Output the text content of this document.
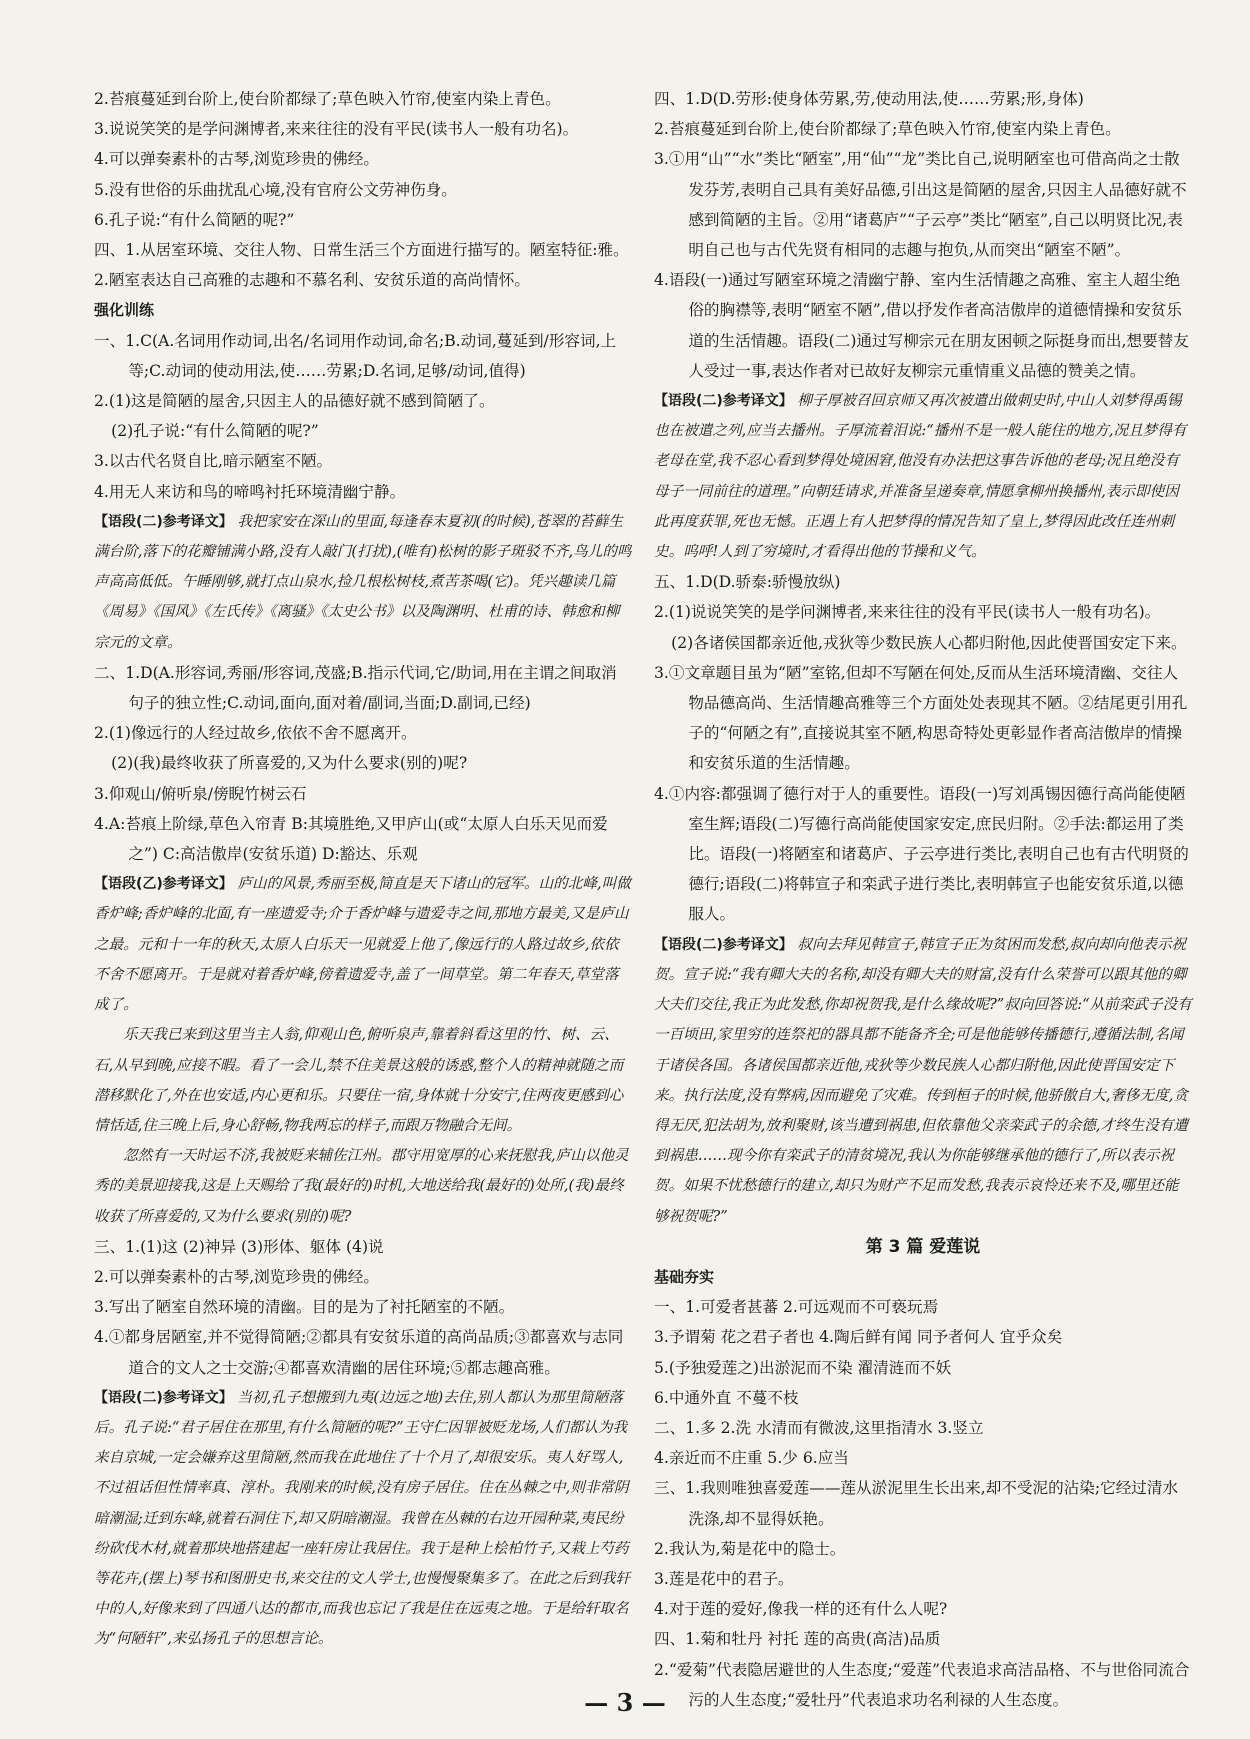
2.苔痕蔓延到台阶上,使台阶都绿了;草色映入竹帘,使室内染上青色。

3.说说笑笑的是学问渊博者,来来往往的没有平民(读书人一般有功名)。

4.可以弹奏素朴的古琴,浏览珍贵的佛经。

5.没有世俗的乐曲扰乱心境,没有官府公文劳神伤身。

6.孔子说:“有什么简陋的呢?”

四、1.从居室环境、交往人物、日常生活三个方面进行描写的。陋室特征:雅。

2.陋室表达自己高雅的志趣和不慕名利、安贫乐道的高尚情怀。

强化训练

一、1.C(A.名词用作动词,出名/名词用作动词,命名;B.动词,蔓延到/形容词,上等;C.动词的使动用法,使……劳累;D.名词,足够/动词,值得)

2.(1)这是简陋的屋舍,只因主人的品德好就不感到简陋了。

(2)孔子说:“有什么简陋的呢?”

3.以古代名贤自比,暗示陋室不陋。

4.用无人来访和鸟的啼鸣衬托环境清幽宁静。

【语段(二)参考译文】 我把家安在深山的里面,每逢春末夏初(的时候),苍翠的苔藓生满台阶,落下的花瓣铺满小路,没有人敲门(打扰),(唯有)松树的影子斑驳不齐,鸟儿的鸣声高高低低。午睡刚够,就打点山泉水,捡几根松树枝,煮苦茶喝(它)。凭兴趣读几篇《周易》《国风》《左氏传》《离骚》《太史公书》以及陶渊明、杜甫的诗、韩愈和柳宗元的文章。

二、1.D(A.形容词,秀丽/形容词,茂盛;B.指示代词,它/助词,用在主谓之间取消句子的独立性;C.动词,面向,面对着/副词,当面;D.副词,已经)

2.(1)像远行的人经过故乡,依依不舍不愿离开。

(2)(我)最终收获了所喜爱的,又为什么要求(别的)呢?

3.仰观山/俯听泉/傍睨竹树云石

4.A:苔痕上阶绿,草色入帘青 B:其境胜绝,又甲庐山(或“太原人白乐天见而爱之”) C:高洁傲岸(安贫乐道) D:豁达、乐观

【语段(乙)参考译文】 庐山的风景,秀丽至极,简直是天下诸山的冠军。山的北峰,叫做香炉峰;香炉峰的北面,有一座遗爱寺;介于香炉峰与遗爱寺之间,那地方最美,又是庐山之最。元和十一年的秋天,太原人白乐天一见就爱上他了,像远行的人路过故乡,依依不舍不愿离开。于是就对着香炉峰,傍着遗爱寺,盖了一间草堂。第二年春天,草堂落成了。

乐天我已来到这里当主人翁,仰观山色,俯听泉声,靠着斜看这里的竹、树、云、石,从早到晚,应接不暇。看了一会儿,禁不住美景这般的诱惑,整个人的精神就随之而潜移默化了,外在也安适,内心更和乐。只要住一宿,身体就十分安宁,住两夜更感到心情恬适,住三晚上后,身心舒畅,物我两忘的样子,而跟万物融合无间。

忽然有一天时运不济,我被贬来辅佐江州。郡守用宽厚的心来抚慰我,庐山以他灵秀的美景迎接我,这是上天赐给了我(最好的)时机,大地送给我(最好的)处所,(我)最终收获了所喜爱的,又为什么要求(别的)呢?

三、1.(1)这 (2)神异 (3)形体、躯体 (4)说

2.可以弹奏素朴的古琴,浏览珍贵的佛经。

3.写出了陋室自然环境的清幽。目的是为了衬托陋室的不陋。

4.①都身居陋室,并不觉得简陋;②都具有安贫乐道的高尚品质;③都喜欢与志同道合的文人之士交游;④都喜欢清幽的居住环境;⑤都志趣高雅。

【语段(二)参考译文】 当初,孔子想搬到九夷(边远之地)去住,别人都认为那里简陋落后。孔子说:“君子居住在那里,有什么简陋的呢?”王守仁因罪被贬龙场,人们都认为我来自京城,一定会嫌弃这里简陋,然而我在此地住了十个月了,却很安乐。夷人好骂人,不过祖话但性情率真、淳朴。我刚来的时候,没有房子居住。住在丛棘之中,则非常阴暗潮湿;迁到东峰,就着石洞住下,却又阴暗潮湿。我曾在丛棘的右边开园种菜,夷民纷纷砍伐木材,就着那块地搭建起一座轩房让我居住。我于是种上桧柏竹子,又栽上芍药等花卉,(摆上)琴书和图册史书,来交往的文人学士,也慢慢聚集多了。在此之后到我轩中的人,好像来到了四通八达的都市,而我也忘记了我是住在远夷之地。于是给轩取名为“何陋轩”,来弘扬孔子的思想言论。

四、1.D(D.劳形:使身体劳累,劳,使动用法,使……劳累;形,身体)

2.苔痕蔓延到台阶上,使台阶都绿了;草色映入竹帘,使室内染上青色。

3.①用“山”“水”类比“陋室”,用“仙”“龙”类比自己,说明陋室也可借高尚之士散发芬芳,表明自己具有美好品德,引出这是简陋的屋舍,只因主人品德好就不感到简陋的主旨。②用“诸葛庐”“子云亭”类比“陋室”,自己以明贤比况,表明自己也与古代先贤有相同的志趣与抱负,从而突出“陋室不陋”。

4.语段(一)通过写陋室环境之清幽宁静、室内生活情趣之高雅、室主人超尘绝俗的胸襟等,表明“陋室不陋”,借以抒发作者高洁傲岸的道德情操和安贫乐道的生活情趣。语段(二)通过写柳宗元在朋友困顿之际挺身而出,想要替友人受过一事,表达作者对已故好友柳宗元重情重义品德的赞美之情。

【语段(二)参考译文】 柳子厚被召回京师又再次被遣出做刺史时,中山人刘梦得禹锡也在被遣之列,应当去播州。子厚流着泪说:“播州不是一般人能住的地方,况且梦得有老母在堂,我不忍心看到梦得处境困窘,他没有办法把这事告诉他的老母;况且绝没有母子一同前往的道理。”向朝廷请求,并准备呈递奏章,情愿拿柳州换播州,表示即使因此再度获罪,死也无憾。正遇上有人把梦得的情况告知了皇上,梦得因此改任连州刺史。呜呼!人到了穷境时,才看得出他的节操和义气。

五、1.D(D.骄泰:骄慢放纵)

2.(1)说说笑笑的是学问渊博者,来来往往的没有平民(读书人一般有功名)。

(2)各诸侯国都亲近他,戎狄等少数民族人心都归附他,因此使晋国安定下来。

3.①文章题目虽为“陋”室铭,但却不写陋在何处,反而从生活环境清幽、交往人物品德高尚、生活情趣高雅等三个方面处处表现其不陋。②结尾更引用孔子的“何陋之有”,直接说其室不陋,构思奇特处更彰显作者高洁傲岸的情操和安贫乐道的生活情趣。

4.①内容:都强调了德行对于人的重要性。语段(一)写刘禹锡因德行高尚能使陋室生辉;语段(二)写德行高尚能使国家安定,庶民归附。②手法:都运用了类比。语段(一)将陋室和诸葛庐、子云亭进行类比,表明自己也有古代明贤的德行;语段(二)将韩宣子和栾武子进行类比,表明韩宣子也能安贫乐道,以德服人。

【语段(二)参考译文】 叔向去拜见韩宣子,韩宣子正为贫困而发愁,叔向却向他表示祝贺。宣子说:“我有卿大夫的名称,却没有卿大夫的财富,没有什么荣誉可以跟其他的卿大夫们交往,我正为此发愁,你却祝贺我,是什么缘故呢?”叔向回答说:“从前栾武子没有一百顷田,家里穷的连祭祀的器具都不能备齐全;可是他能够传播德行,遵循法制,名闻于诸侯各国。各诸侯国都亲近他,戎狄等少数民族人心都归附他,因此使晋国安定下来。执行法度,没有弊病,因而避免了灾难。传到桓子的时候,他骄傲自大,奢侈无度,贪得无厌,犯法胡为,放利聚财,该当遭到祸患,但依靠他父亲栾武子的余德,才终生没有遭到祸患……现今你有栾武子的清贫境况,我认为你能够继承他的德行了,所以表示祝贺。如果不忧愁德行的建立,却只为财产不足而发愁,我表示哀怜还来不及,哪里还能够祝贺呢?”

第 3 篇 爱莲说

基础夯实

一、1.可爱者甚蕃 2.可远观而不可亵玩焉

3.予谓菊 花之君子者也 4.陶后鲜有闻 同予者何人 宜乎众矣

5.(予独爱莲之)出淤泥而不染 濯清涟而不妖

6.中通外直 不蔓不枝

二、1.多 2.洗 水清而有微波,这里指清水 3.竖立

4.亲近而不庄重 5.少 6.应当

三、1.我则唯独喜爱莲——莲从淤泥里生长出来,却不受泥的沾染;它经过清水洗涤,却不显得妖艳。

2.我认为,菊是花中的隐士。

3.莲是花中的君子。

4.对于莲的爱好,像我一样的还有什么人呢?

四、1.菊和牡丹 衬托 莲的高贵(高洁)品质

2.“爱菊”代表隐居避世的人生态度;“爱莲”代表追求高洁品格、不与世俗同流合污的人生态度;“爱牡丹”代表追求功名利禄的人生态度。

— 3 —
